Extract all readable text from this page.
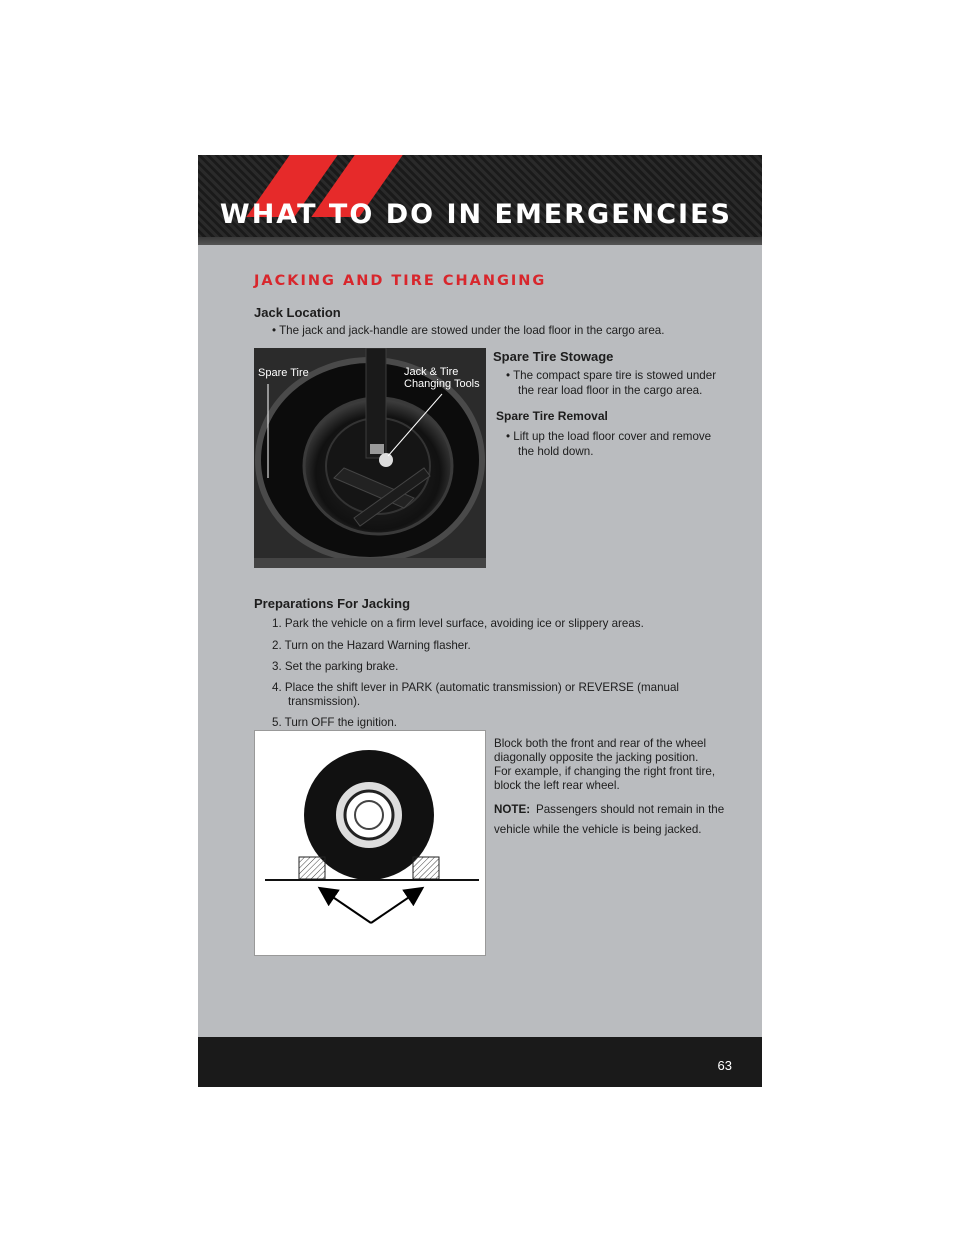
WHAT TO DO IN EMERGENCIES
JACKING AND TIRE CHANGING
Jack Location
• The jack and jack-handle are stowed under the load floor in the cargo area.
Spare Tire	Jack & Tire
Changing Tools
Spare Tire Stowage
• The compact spare tire is stowed under
the rear load floor in the cargo area.
Spare Tire Removal
• Lift up the load floor cover and remove
the hold down.
Preparations For Jacking
1. Park the vehicle on a firm level surface, avoiding ice or slippery areas.
2. Turn on the Hazard Warning flasher.
3. Set the parking brake.
4. Place the shift lever in PARK (automatic transmission) or REVERSE (manual
transmission).
5. Turn OFF the ignition.
Block both the front and rear of the wheel
diagonally opposite the jacking position.
For example, if changing the right front tire,
block the left rear wheel.
NOTE: Passengers should not remain in the
vehicle while the vehicle is being jacked.
63
